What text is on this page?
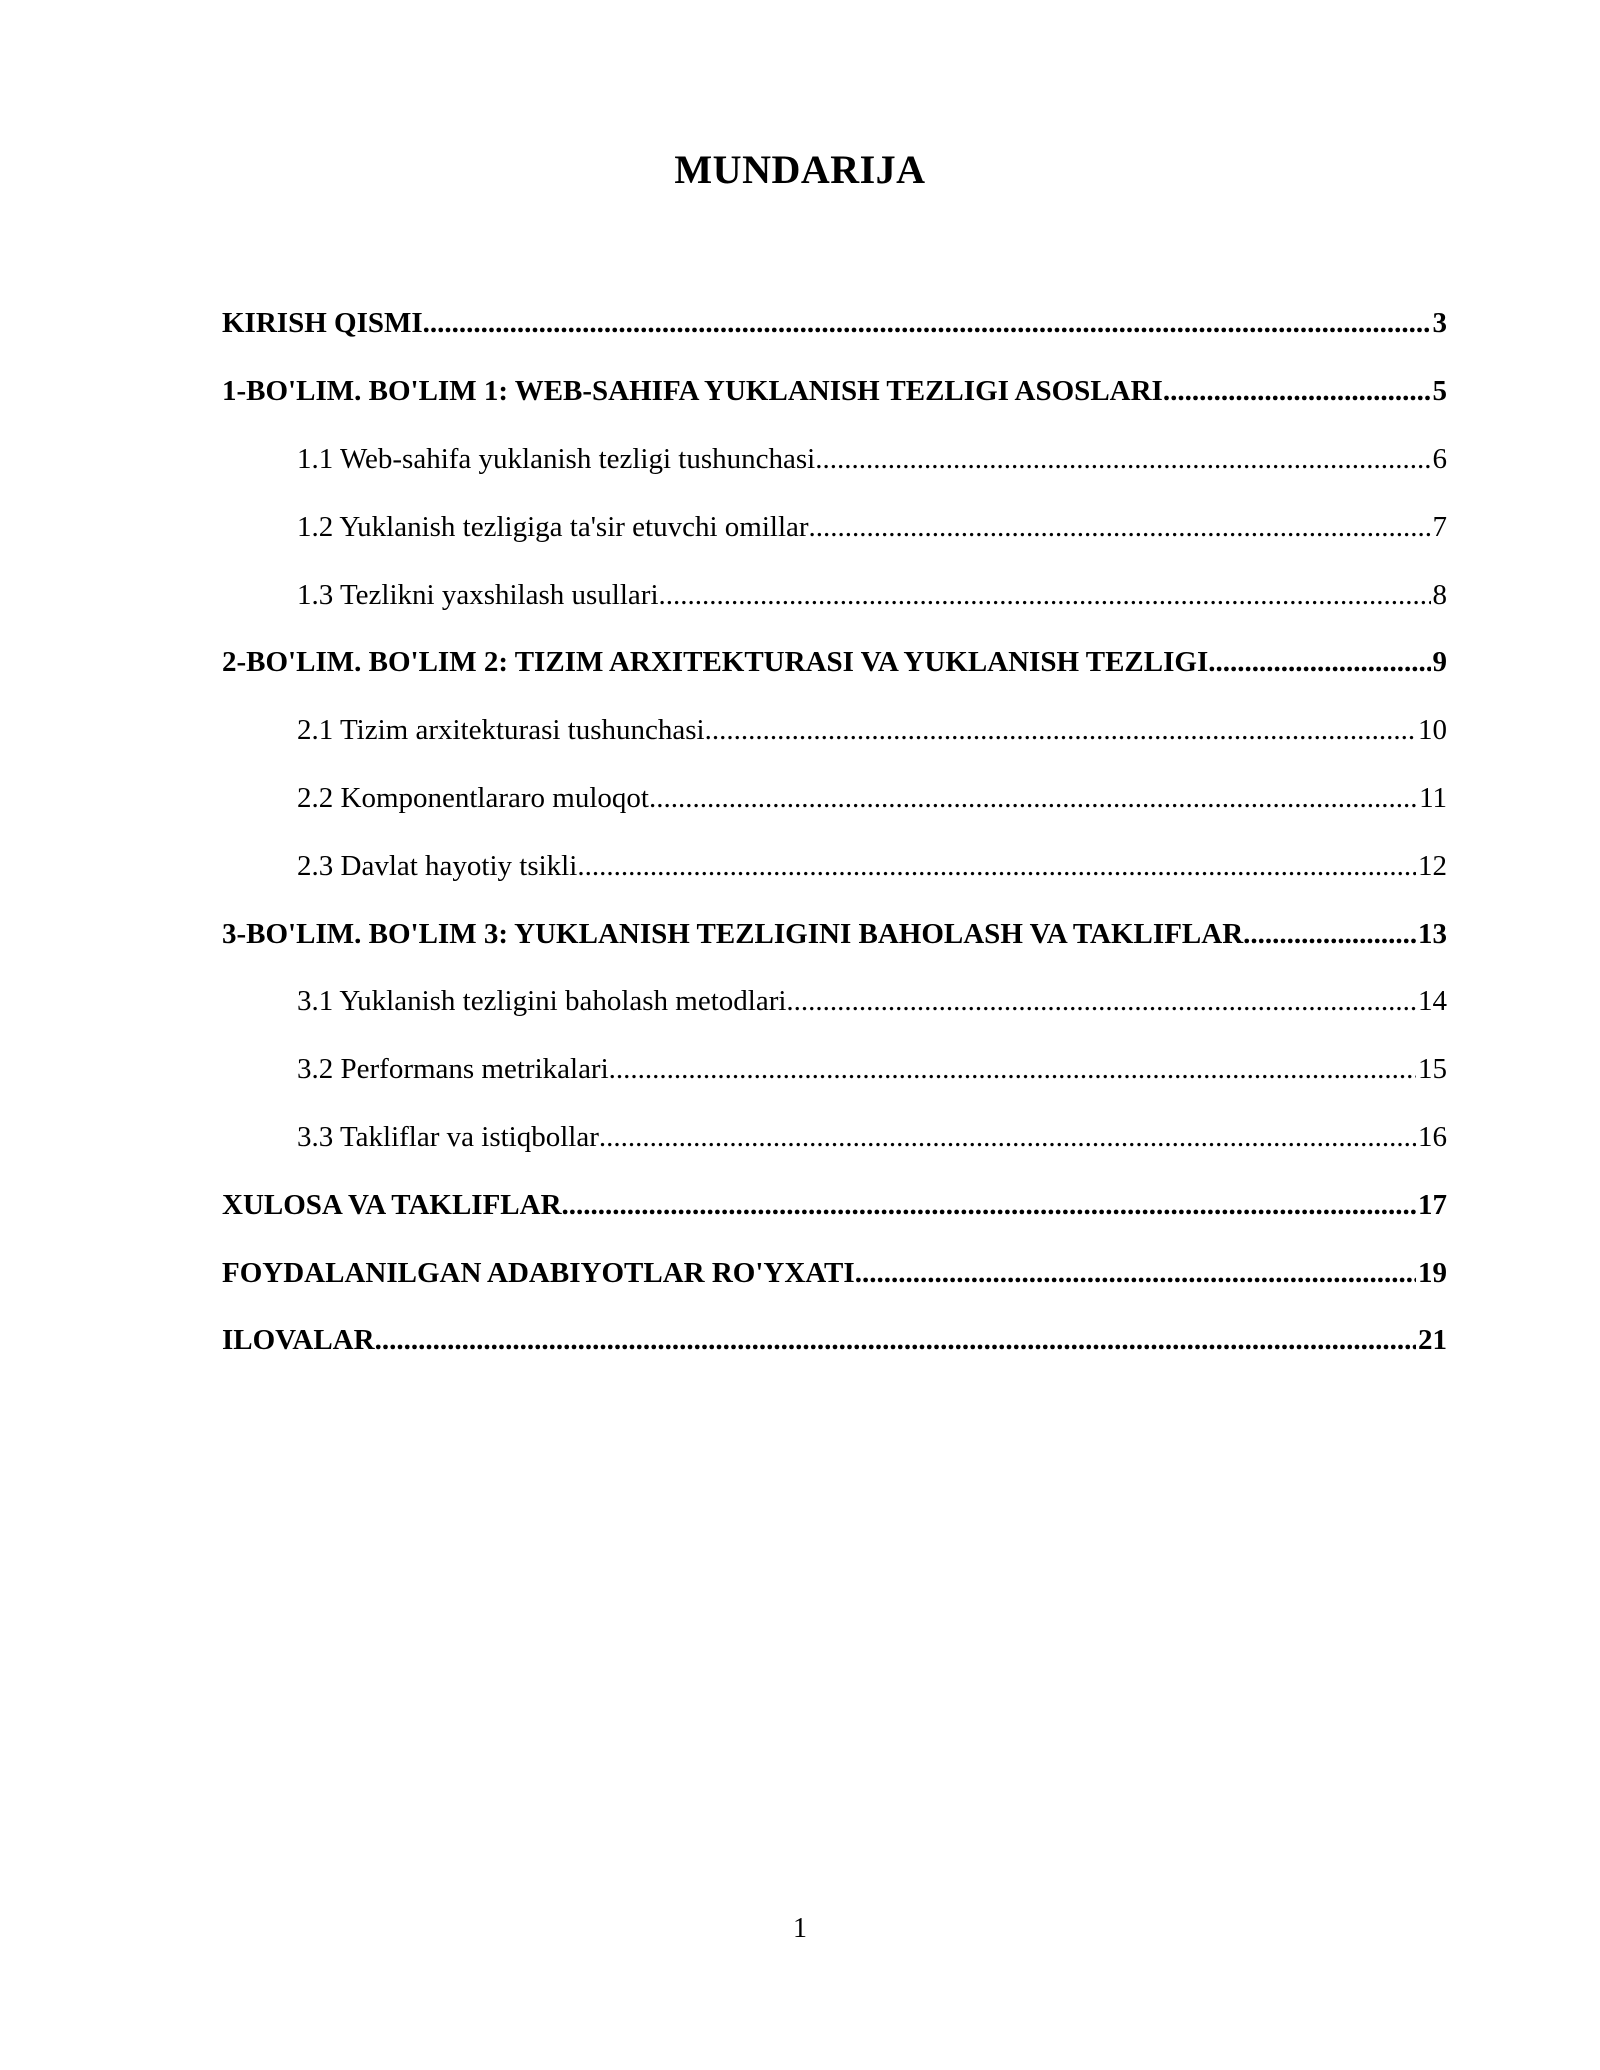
MUNDARIJA
KIRISH QISMI .....	3
1-BO'LIM. BO'LIM 1: WEB-SAHIFA YUKLANISH TEZLIGI ASOSLARI .....	5
1.1 Web-sahifa yuklanish tezligi tushunchasi .....	6
1.2 Yuklanish tezligiga ta'sir etuvchi omillar .....	7
1.3 Tezlikni yaxshilash usullari .....	8
2-BO'LIM. BO'LIM 2: TIZIM ARXITEKTURASI VA YUKLANISH TEZLIGI .....	9
2.1 Tizim arxitekturasi tushunchasi .....	10
2.2 Komponentlararo muloqot .....	11
2.3 Davlat hayotiy tsikli .....	12
3-BO'LIM. BO'LIM 3: YUKLANISH TEZLIGINI BAHOLASH VA TAKLIFLAR .....	13
3.1 Yuklanish tezligini baholash metodlari .....	14
3.2 Performans metrikalari .....	15
3.3 Takliflar va istiqbollar .....	16
XULOSA VA TAKLIFLAR .....	17
FOYDALANILGAN ADABIYOTLAR RO'YXATI .....	19
ILOVALAR .....	21
1
